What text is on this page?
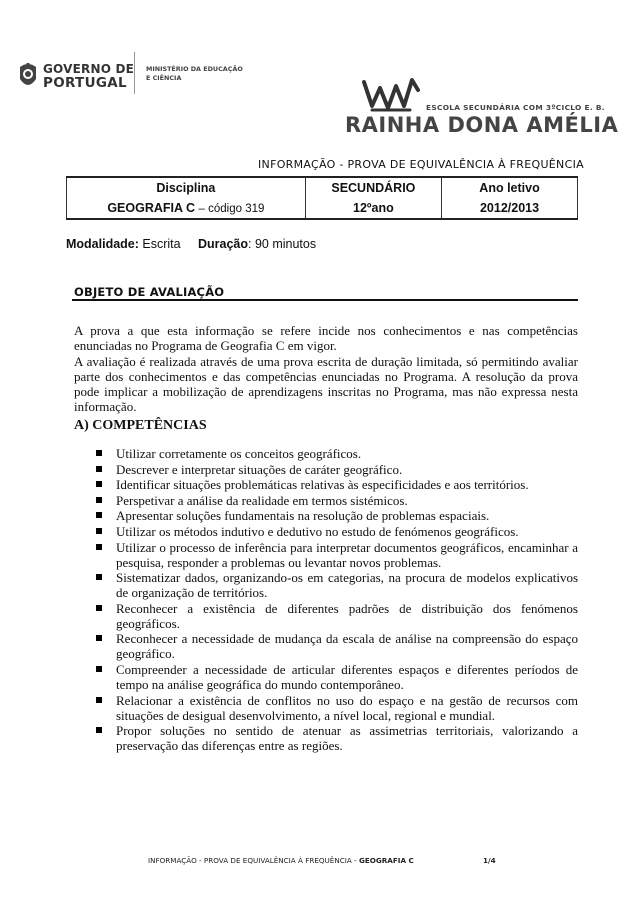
GOVERNO DE
PORTUGAL
MINISTÉRIO DA EDUCAÇÃO
E CIÊNCIA
ESCOLA SECUNDÁRIA COM 3ºCICLO E. B.
RAINHA DONA AMÉLIA
INFORMAÇÃO - PROVA DE EQUIVALÊNCIA À FREQUÊNCIA
Disciplina	SECUNDÁRIO	Ano letivo
GEOGRAFIA C – código 319	12ºano	2012/2013
Modalidade: Escrita Duração: 90 minutos
OBJETO DE AVALIAÇÃO
A prova a que esta informação se refere incide nos conhecimentos e nas competências enunciadas no Programa de Geografia C em vigor.
A avaliação é realizada através de uma prova escrita de duração limitada, só permitindo avaliar parte dos conhecimentos e das competências enunciadas no Programa. A resolução da prova pode implicar a mobilização de aprendizagens inscritas no Programa, mas não expressa nesta informação.
A) COMPETÊNCIAS
Utilizar corretamente os conceitos geográficos.
Descrever e interpretar situações de caráter geográfico.
Identificar situações problemáticas relativas às especificidades e aos territórios.
Perspetivar a análise da realidade em termos sistémicos.
Apresentar soluções fundamentais na resolução de problemas espaciais.
Utilizar os métodos indutivo e dedutivo no estudo de fenómenos geográficos.
Utilizar o processo de inferência para interpretar documentos geográficos, encaminhar a pesquisa, responder a problemas ou levantar novos problemas.
Sistematizar dados, organizando-os em categorias, na procura de modelos explicativos de organização de territórios.
Reconhecer a existência de diferentes padrões de distribuição dos fenómenos geográficos.
Reconhecer a necessidade de mudança da escala de análise na compreensão do espaço geográfico.
Compreender a necessidade de articular diferentes espaços e diferentes períodos de tempo na análise geográfica do mundo contemporâneo.
Relacionar a existência de conflitos no uso do espaço e na gestão de recursos com situações de desigual desenvolvimento, a nível local, regional e mundial.
Propor soluções no sentido de atenuar as assimetrias territoriais, valorizando a preservação das diferenças entre as regiões.
INFORMAÇÃO - PROVA DE EQUIVALÊNCIA À FREQUÊNCIA - GEOGRAFIA C	1/4
